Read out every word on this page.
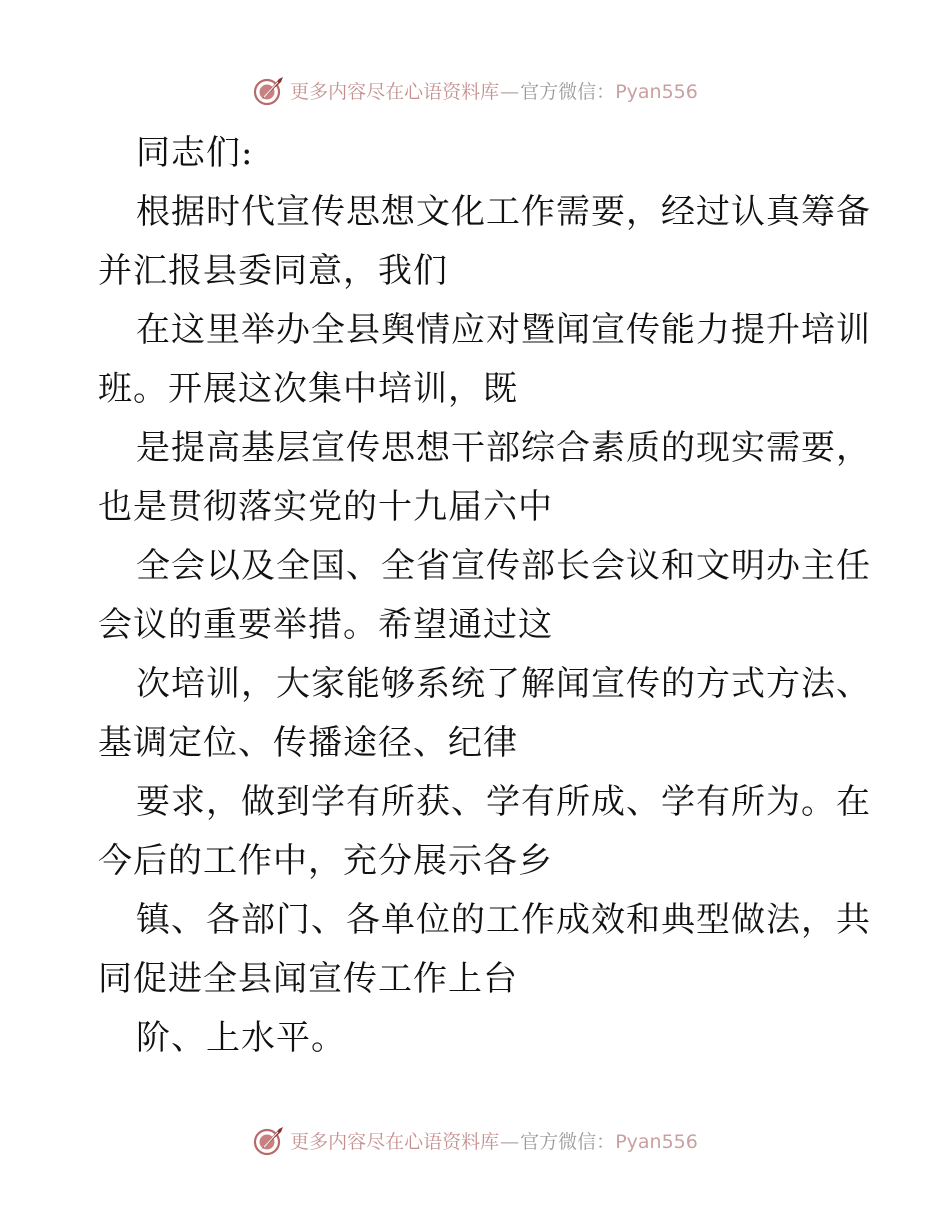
更多内容尽在心语资料库—官方微信：Pyan556
同志们:
根据时代宣传思想文化工作需要，经过认真筹备
并汇报县委同意，我们
在这里举办全县舆情应对暨闻宣传能力提升培训
班。开展这次集中培训，既
是提高基层宣传思想干部综合素质的现实需要，
也是贯彻落实党的十九届六中
全会以及全国、全省宣传部长会议和文明办主任
会议的重要举措。希望通过这
次培训，大家能够系统了解闻宣传的方式方法、
基调定位、传播途径、纪律
要求，做到学有所获、学有所成、学有所为。在
今后的工作中，充分展示各乡
镇、各部门、各单位的工作成效和典型做法，共
同促进全县闻宣传工作上台
阶、上水平。
更多内容尽在心语资料库—官方微信：Pyan556
